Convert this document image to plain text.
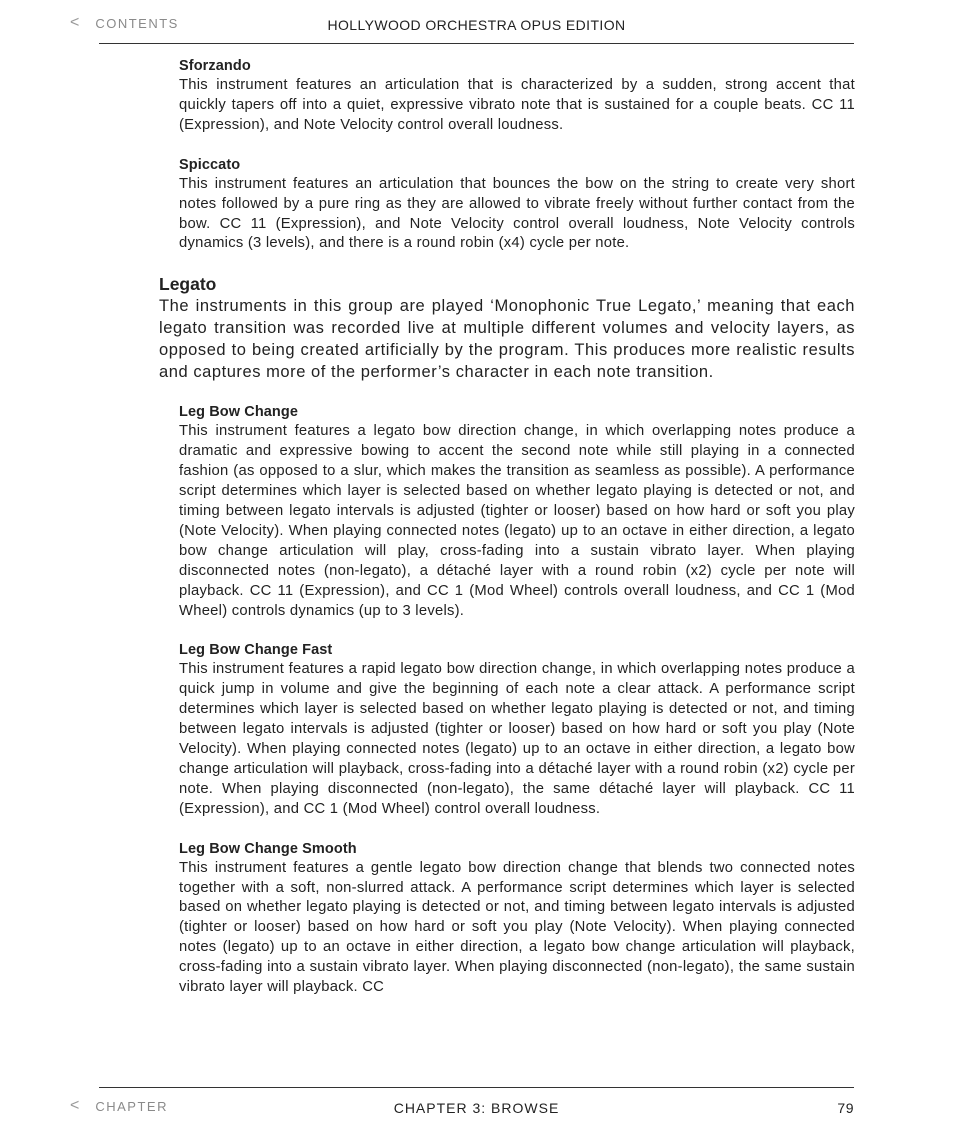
< CONTENTS	HOLLYWOOD ORCHESTRA OPUS EDITION
Sforzando

This instrument features an articulation that is characterized by a sudden, strong accent that quickly tapers off into a quiet, expressive vibrato note that is sustained for a couple beats. CC 11 (Expression), and Note Velocity control overall loudness.

Spiccato

This instrument features an articulation that bounces the bow on the string to create very short notes followed by a pure ring as they are allowed to vibrate freely without further contact from the bow. CC 11 (Expression), and Note Velocity control overall loudness, Note Velocity controls dynamics (3 levels), and there is a round robin (x4) cycle per note.

Legato

The instruments in this group are played ‘Monophonic True Legato,’ meaning that each legato transition was recorded live at multiple different volumes and velocity layers, as opposed to being created artificially by the program. This produces more realistic results and captures more of the performer’s character in each note transition.

Leg Bow Change

This instrument features a legato bow direction change, in which overlapping notes produce a dramatic and expressive bowing to accent the second note while still playing in a connected fashion (as opposed to a slur, which makes the transition as seamless as possible). A performance script determines which layer is selected based on whether legato playing is detected or not, and timing between legato intervals is adjusted (tighter or looser) based on how hard or soft you play (Note Velocity). When playing connected notes (legato) up to an octave in either direction, a legato bow change articulation will play, cross-fading into a sustain vibrato layer. When playing disconnected notes (non-legato), a détaché layer with a round robin (x2) cycle per note will playback. CC 11 (Expression), and CC 1 (Mod Wheel) controls overall loudness, and CC 1 (Mod Wheel) controls dynamics (up to 3 levels).

Leg Bow Change Fast

This instrument features a rapid legato bow direction change, in which overlapping notes produce a quick jump in volume and give the beginning of each note a clear attack. A performance script determines which layer is selected based on whether legato playing is detected or not, and timing between legato intervals is adjusted (tighter or looser) based on how hard or soft you play (Note Velocity). When playing connected notes (legato) up to an octave in either direction, a legato bow change articulation will playback, cross-fading into a détaché layer with a round robin (x2) cycle per note. When playing disconnected (non-legato), the same détaché layer will playback. CC 11 (Expression), and CC 1 (Mod Wheel) control overall loudness.

Leg Bow Change Smooth

This instrument features a gentle legato bow direction change that blends two connected notes together with a soft, non-slurred attack. A performance script determines which layer is selected based on whether legato playing is detected or not, and timing between legato intervals is adjusted (tighter or looser) based on how hard or soft you play (Note Velocity). When playing connected notes (legato) up to an octave in either direction, a legato bow change articulation will playback, cross-fading into a sustain vibrato layer. When playing disconnected (non-legato), the same sustain vibrato layer will playback. CC

< CHAPTER	CHAPTER 3: BROWSE	79
